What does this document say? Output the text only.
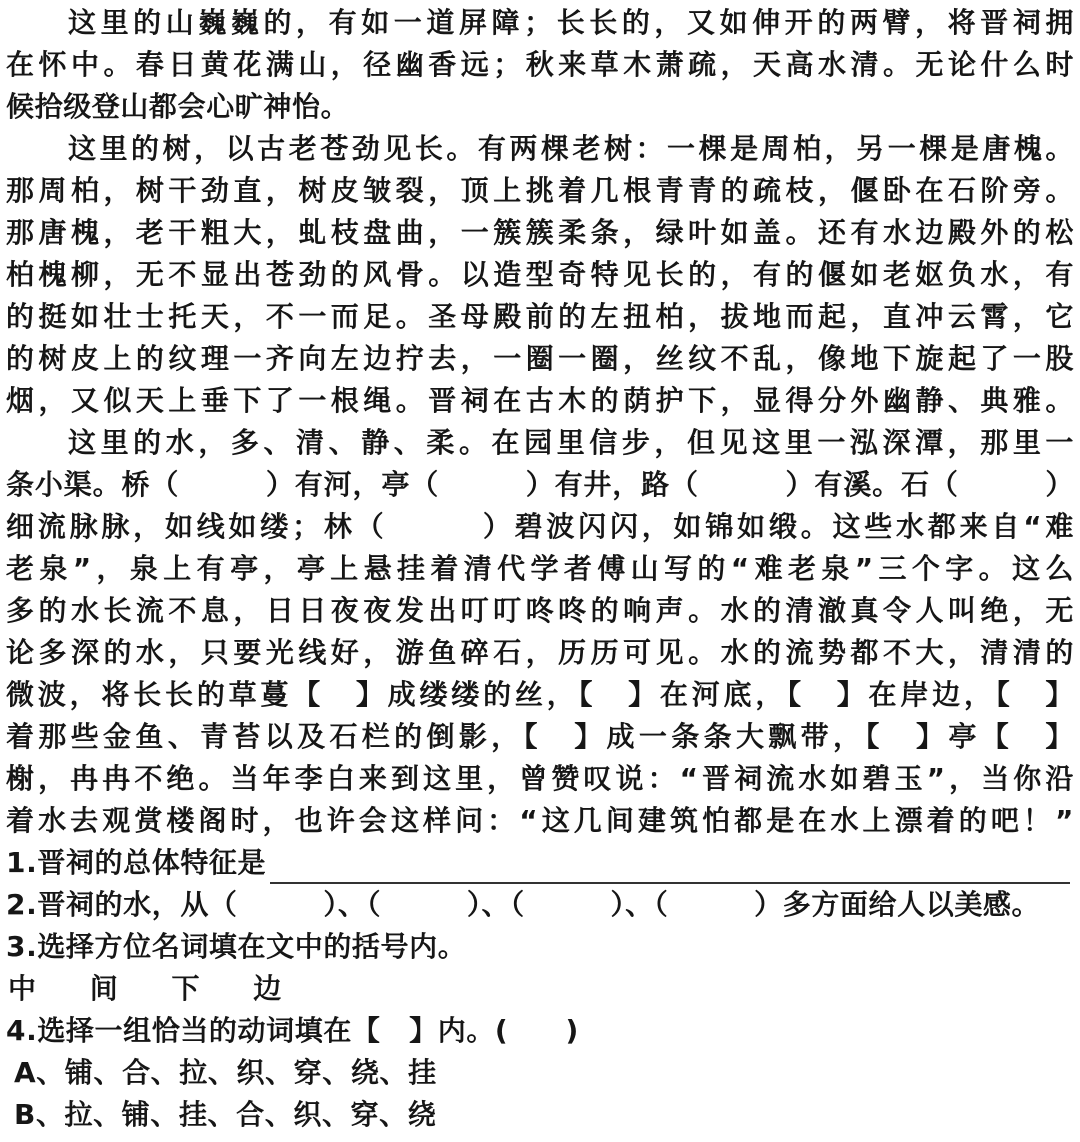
这里的山巍巍的，有如一道屏障；长长的，又如伸开的两臂，将晋祠拥
在怀中。春日黄花满山，径幽香远；秋来草木萧疏，天高水清。无论什么时
候拾级登山都会心旷神怡。
这里的树，以古老苍劲见长。有两棵老树：一棵是周柏，另一棵是唐槐。
那周柏，树干劲直，树皮皱裂，顶上挑着几根青青的疏枝，偃卧在石阶旁。
那唐槐，老干粗大，虬枝盘曲，一簇簇柔条，绿叶如盖。还有水边殿外的松
柏槐柳，无不显出苍劲的风骨。以造型奇特见长的，有的偃如老妪负水，有
的挺如壮士托天，不一而足。圣母殿前的左扭柏，拔地而起，直冲云霄，它
的树皮上的纹理一齐向左边拧去，一圈一圈，丝纹不乱，像地下旋起了一股
烟，又似天上垂下了一根绳。晋祠在古木的荫护下，显得分外幽静、典雅。
这里的水，多、清、静、柔。在园里信步，但见这里一泓深潭，那里一
条小渠。桥（　　　）有河，亭（　　　）有井，路（　　　）有溪。石（　　　）
细流脉脉，如线如缕；林（　　　）碧波闪闪，如锦如缎。这些水都来自“难
老泉”，泉上有亭，亭上悬挂着清代学者傅山写的“难老泉”三个字。这么
多的水长流不息，日日夜夜发出叮叮咚咚的响声。水的清澈真令人叫绝，无
论多深的水，只要光线好，游鱼碎石，历历可见。水的流势都不大，清清的
微波，将长长的草蔓【　】成缕缕的丝，【　】在河底，【　】在岸边，【　】
着那些金鱼、青苔以及石栏的倒影，【　】成一条条大飘带，【　】亭【　】
榭，冉冉不绝。当年李白来到这里，曾赞叹说：“晋祠流水如碧玉”，当你沿
着水去观赏楼阁时，也许会这样问：“这几间建筑怕都是在水上漂着的吧！”
1.晋祠的总体特征是
2.晋祠的水，从（　　　）、（　　　）、（　　　）、（　　　）多方面给人以美感。
3.选择方位名词填在文中的括号内。
中 间 下 边
4.选择一组恰当的动词填在【　】内。(　　)
A、铺、合、拉、织、穿、绕、挂
B、拉、铺、挂、合、织、穿、绕
